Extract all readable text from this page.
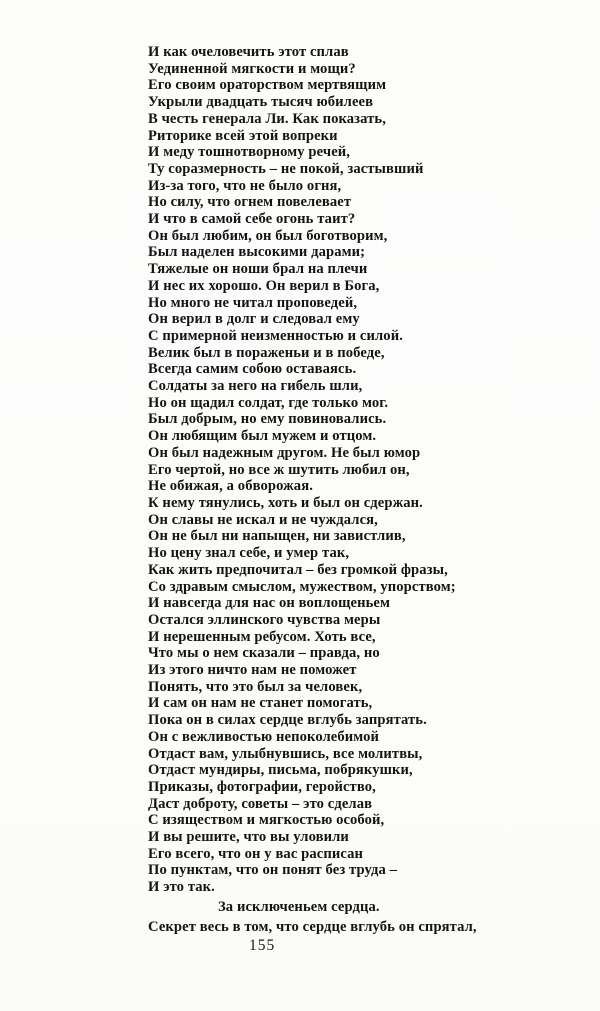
И как очеловечить этот сплав
Уединенной мягкости и мощи?
Его своим ораторством мертвящим
Укрыли двадцать тысяч юбилеев
В честь генерала Ли. Как показать,
Риторике всей этой вопреки
И меду тошнотворному речей,
Ту соразмерность – не покой, застывший
Из-за того, что не было огня,
Но силу, что огнем повелевает
И что в самой себе огонь таит?
Он был любим, он был боготворим,
Был наделен высокими дарами;
Тяжелые он ноши брал на плечи
И нес их хорошо. Он верил в Бога,
Но много не читал проповедей,
Он верил в долг и следовал ему
С примерной неизменностью и силой.
Велик был в пораженьи и в победе,
Всегда самим собою оставаясь.
Солдаты за него на гибель шли,
Но он щадил солдат, где только мог.
Был добрым, но ему повиновались.
Он любящим был мужем и отцом.
Он был надежным другом. Не был юмор
Его чертой, но все ж шутить любил он,
Не обижая, а обворожая.
К нему тянулись, хоть и был он сдержан.
Он славы не искал и не чуждался,
Он не был ни напыщен, ни завистлив,
Но цену знал себе, и умер так,
Как жить предпочитал – без громкой фразы,
Со здравым смыслом, мужеством, упорством;
И навсегда для нас он воплощеньем
Остался эллинского чувства меры
И нерешенным ребусом. Хоть все,
Что мы о нем сказали – правда, но
Из этого ничто нам не поможет
Понять, что это был за человек,
И сам он нам не станет помогать,
Пока он в силах сердце вглубь запрятать.
Он с вежливостью непоколебимой
Отдаст вам, улыбнувшись, все молитвы,
Отдаст мундиры, письма, побрякушки,
Приказы, фотографии, геройство,
Даст доброту, советы – это сделав
С изяществом и мягкостью особой,
И вы решите, что вы уловили
Его всего, что он у вас расписан
По пунктам, что он понят без труда –
И это так.
За исключеньем сердца.
Секрет весь в том, что сердце вглубь он спрятал,
155
